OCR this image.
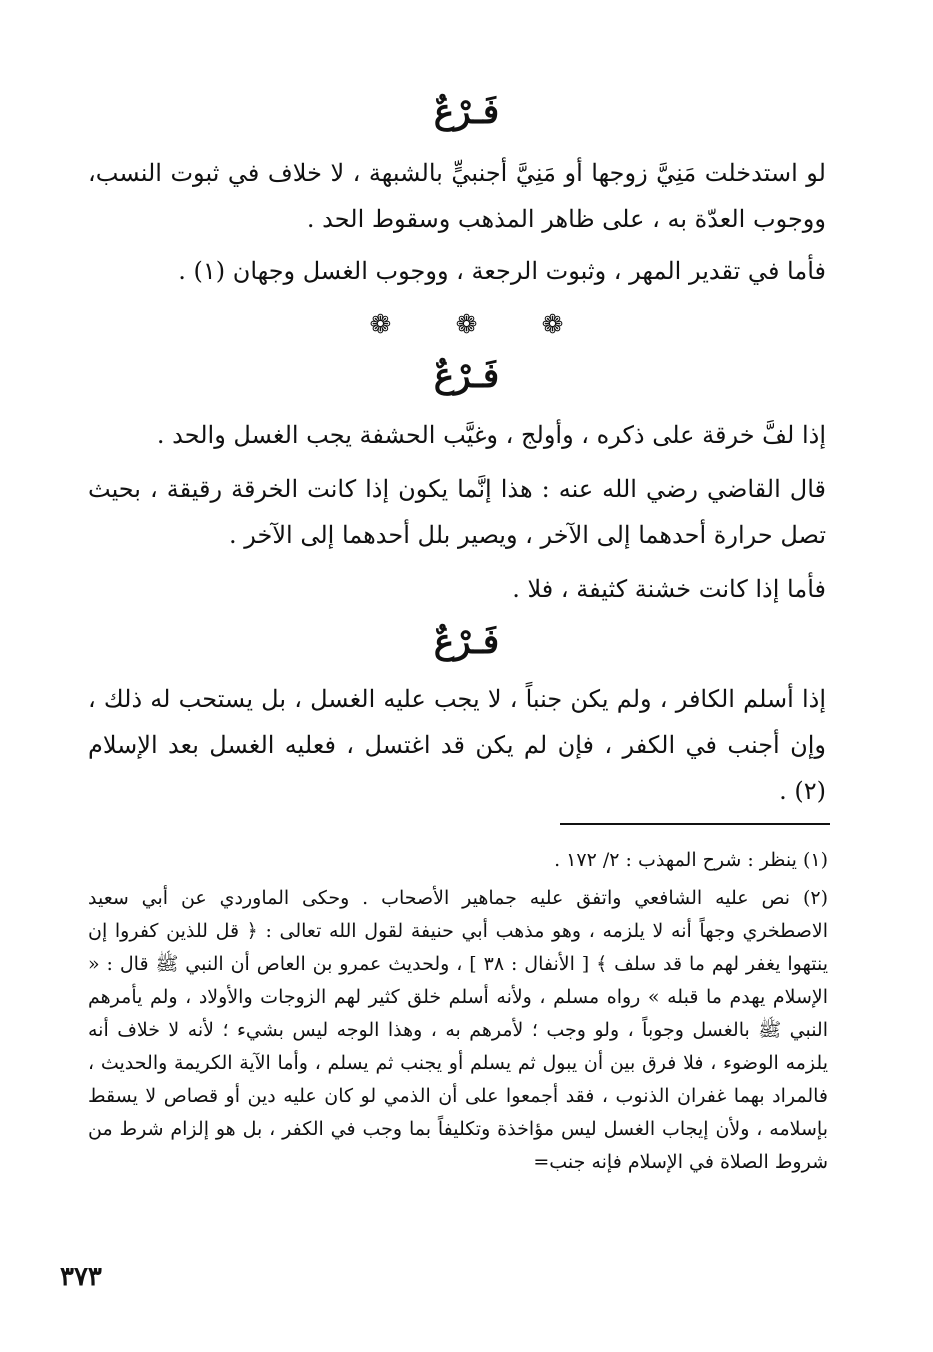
فَـرْعٌ
لو استدخلت مَنِيَّ زوجها أو مَنِيَّ أجنبيٍّ بالشبهة ، لا خلاف في ثبوت النسب، ووجوب العدّة به ، على ظاهر المذهب وسقوط الحد .
فأما في تقدير المهر ، وثبوت الرجعة ، ووجوب الغسل وجهان (١) .
❁ ❁ ❁
فَـرْعٌ
إذا لفَّ خرقة على ذكره ، وأولج ، وغيَّب الحشفة يجب الغسل والحد .
قال القاضي رضي الله عنه : هذا إنَّما يكون إذا كانت الخرقة رقيقة ، بحيث تصل حرارة أحدهما إلى الآخر ، ويصير بلل أحدهما إلى الآخر .
فأما إذا كانت خشنة كثيفة ، فلا .
فَـرْعٌ
إذا أسلم الكافر ، ولم يكن جنباً ، لا يجب عليه الغسل ، بل يستحب له ذلك ، وإن أجنب في الكفر ، فإن لم يكن قد اغتسل ، فعليه الغسل بعد الإسلام (٢) .
(١) ينظر : شرح المهذب : ٢/ ١٧٢ .
(٢) نص عليه الشافعي واتفق عليه جماهير الأصحاب . وحكى الماوردي عن أبي سعيد الاصطخري وجهاً أنه لا يلزمه ، وهو مذهب أبي حنيفة لقول الله تعالى : ﴿ قل للذين كفروا إن ينتهوا يغفر لهم ما قد سلف ﴾ [ الأنفال : ٣٨ ] ، ولحديث عمرو بن العاص أن النبي ﷺ قال : « الإسلام يهدم ما قبله » رواه مسلم ، ولأنه أسلم خلق كثير لهم الزوجات والأولاد ، ولم يأمرهم النبي ﷺ بالغسل وجوباً ، ولو وجب ؛ لأمرهم به ، وهذا الوجه ليس بشيء ؛ لأنه لا خلاف أنه يلزمه الوضوء ، فلا فرق بين أن يبول ثم يسلم أو يجنب ثم يسلم ، وأما الآية الكريمة والحديث ، فالمراد بهما غفران الذنوب ، فقد أجمعوا على أن الذمي لو كان عليه دين أو قصاص لا يسقط بإسلامه ، ولأن إيجاب الغسل ليس مؤاخذة وتكليفاً بما وجب في الكفر ، بل هو إلزام شرط من شروط الصلاة في الإسلام فإنه جنب=
٣٧٣
